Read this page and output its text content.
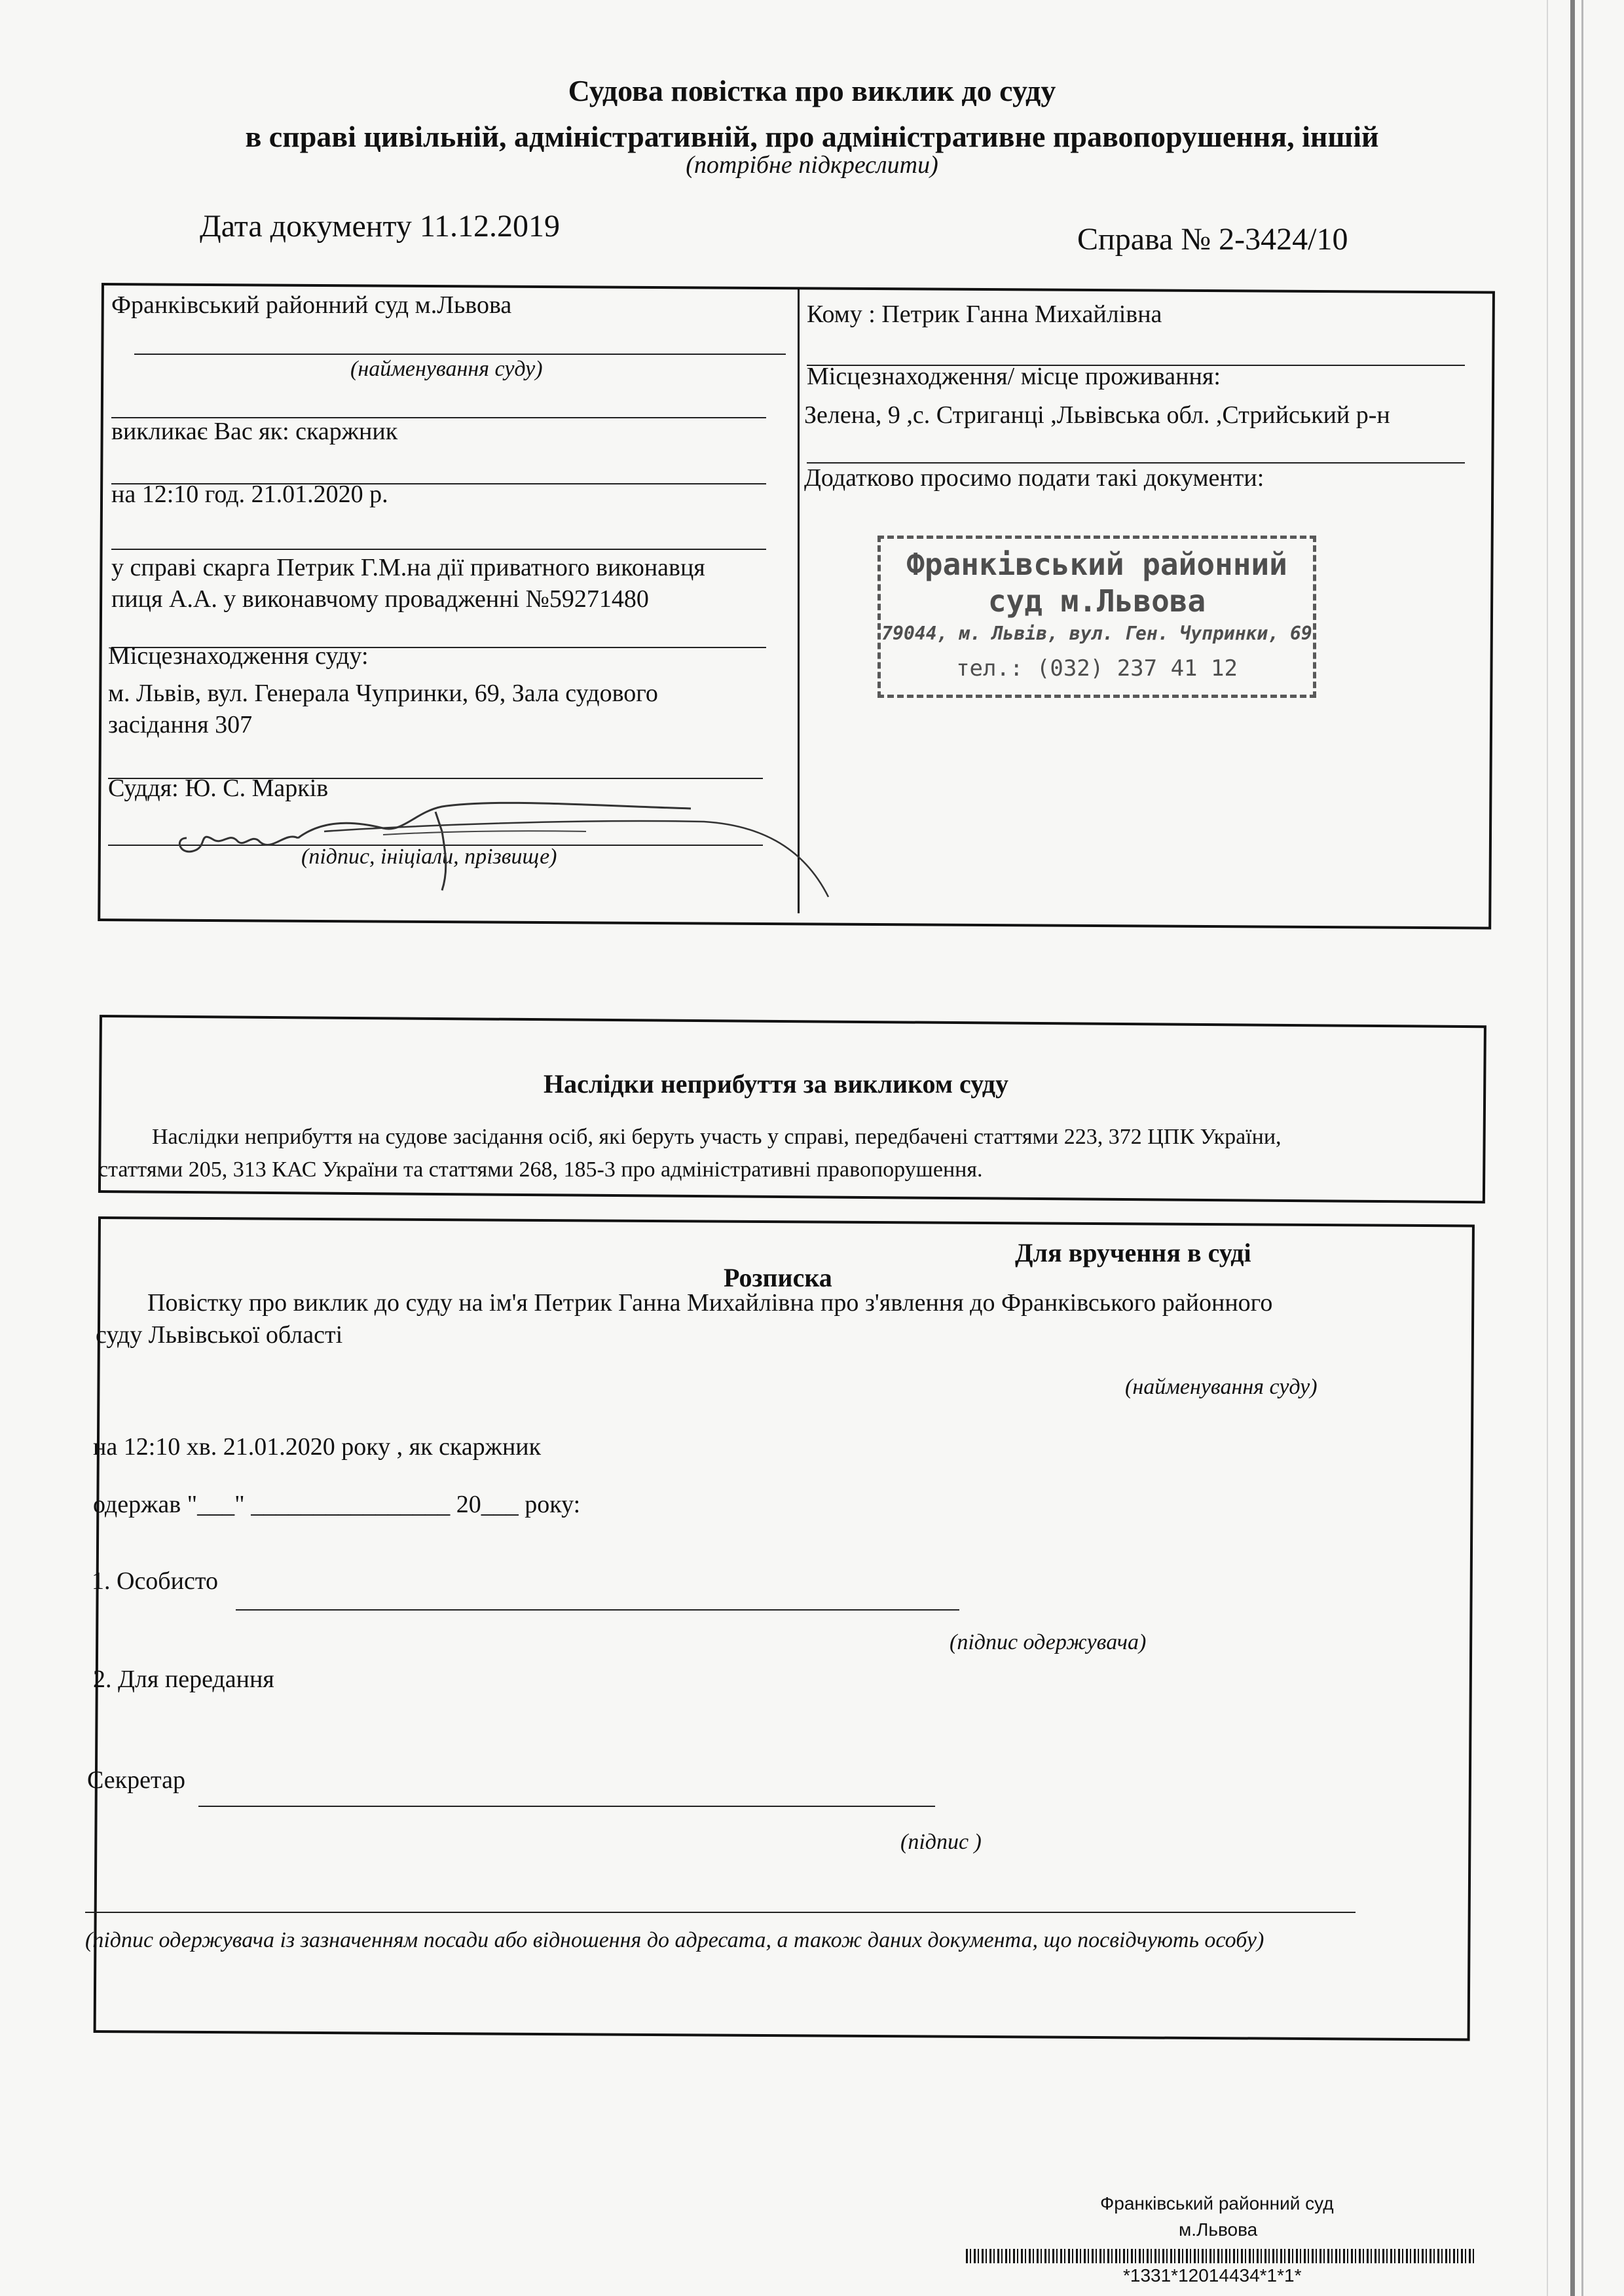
Судова повістка про виклик до суду
в справі цивільній, адміністративній, про адміністративне правопорушення, іншій
(потрібне підкреслити)
Дата документу 11.12.2019	Справа № 2-3424/10
Франківський районний суд м.Львова
(найменування суду)
викликає Вас як: скаржник
на 12:10 год. 21.01.2020 р.
у справі скарга Петрик Г.М.на дії приватного виконавця
пиця А.А. у виконавчому провадженні №59271480
Місцезнаходження суду:
м. Львів, вул. Генерала Чупринки, 69, Зала судового
засідання 307
Суддя: Ю. С. Марків
(підпис, ініціали, прізвище)
Кому : Петрик Ганна Михайлівна
Місцезнаходження/ місце проживання:
Зелена, 9 ,с. Стриганці ,Львівська обл. ,Стрийський р-н
Додатково просимо подати такі документи:
Франківський районний
суд м.Львова
79044, м. Львів, вул. Ген. Чупринки, 69
тел.: (032) 237 41 12
Наслідки неприбуття за викликом суду
Наслідки неприбуття на судове засідання осіб, які беруть участь у справі, передбачені статтями 223, 372 ЦПК України,
статтями 205, 313 КАС України та статтями 268, 185-3 про адміністративні правопорушення.
Для вручення в суді
Розписка
Повістку про виклик до суду на ім'я Петрик Ганна Михайлівна про з'явлення до Франківського районного
суду Львівської області
(найменування суду)
на 12:10 хв. 21.01.2020 року , як скаржник
одержав "___" ________________ 20___ року:
1. Особисто
(підпис одержувача)
2. Для передання
Секретар
(підпис )
(підпис одержувача із зазначенням посади або відношення до адресата, а також даних документа, що посвідчують особу)
Франківський районний суд
м.Львова
*1331*12014434*1*1*
